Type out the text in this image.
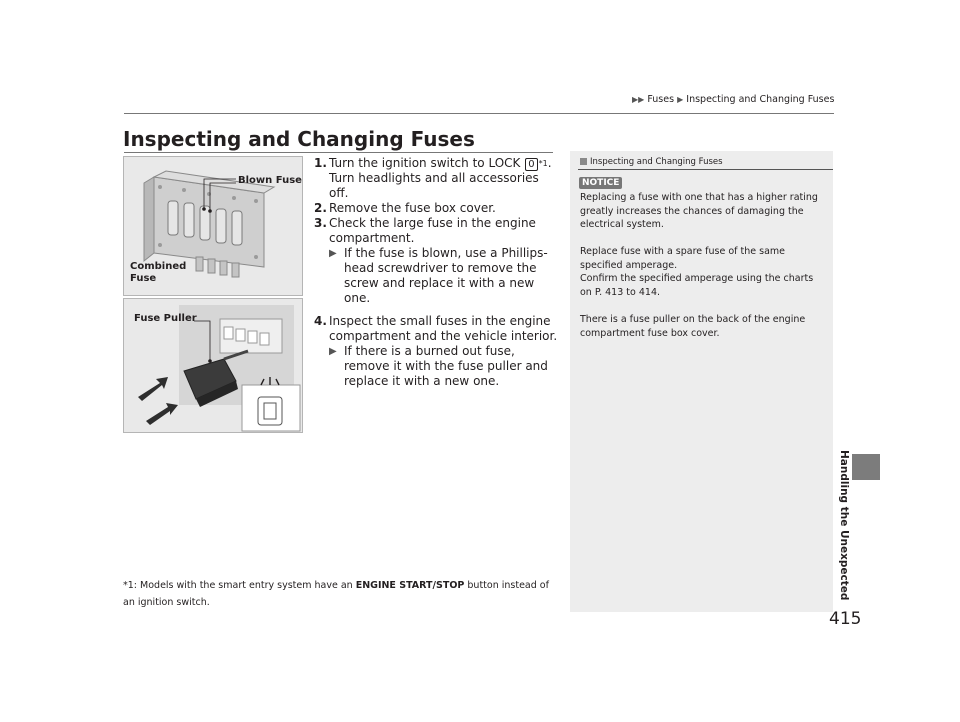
▶▶ Fuses ▶ Inspecting and Changing Fuses
Inspecting and Changing Fuses
Blown Fuse
Combined
Fuse
Fuse Puller
1. Turn the ignition switch to LOCK 0 $^{*1}$. Turn headlights and all accessories off.
2. Remove the fuse box cover.
3. Check the large fuse in the engine compartment.
▶ If the fuse is blown, use a Phillips-head screwdriver to remove the screw and replace it with a new one.
4. Inspect the small fuses in the engine compartment and the vehicle interior.
▶ If there is a burned out fuse, remove it with the fuse puller and replace it with a new one.
*1: Models with the smart entry system have an ENGINE START/STOP button instead of an ignition switch.
Inspecting and Changing Fuses
NOTICE
Replacing a fuse with one that has a higher rating greatly increases the chances of damaging the electrical system.
Replace fuse with a spare fuse of the same specified amperage.
Confirm the specified amperage using the charts on P. 413 to 414.
There is a fuse puller on the back of the engine compartment fuse box cover.
Handling the Unexpected
415
